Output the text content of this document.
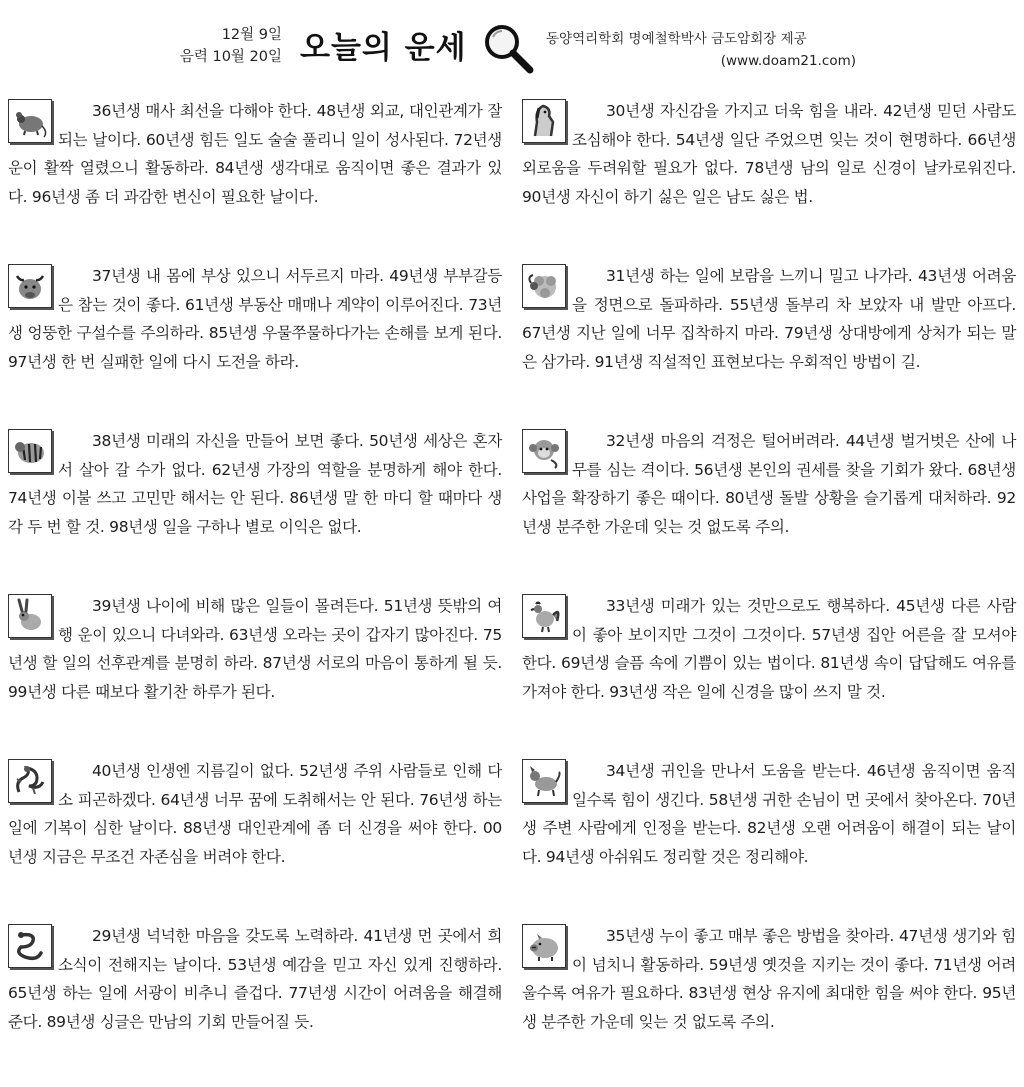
12월 9일
음력 10월 20일 오늘의 운세	동양역리학회 명예철학박사 금도암회장 제공
(www.doam21.com)

36년생 매사 최선을 다해야 한다. 48년생 외교, 대인관계가 잘되는 날이다. 60년생 힘든 일도 술술 풀리니 일이 성사된다. 72년생 운이 활짝 열렸으니 활동하라. 84년생 생각대로 움직이면 좋은 결과가 있다. 96년생 좀 더 과감한 변신이 필요한 날이다.

37년생 내 몸에 부상 있으니 서두르지 마라. 49년생 부부갈등은 참는 것이 좋다. 61년생 부동산 매매나 계약이 이루어진다. 73년생 엉뚱한 구설수를 주의하라. 85년생 우물쭈물하다가는 손해를 보게 된다. 97년생 한 번 실패한 일에 다시 도전을 하라.

38년생 미래의 자신을 만들어 보면 좋다. 50년생 세상은 혼자서 살아 갈 수가 없다. 62년생 가장의 역할을 분명하게 해야 한다. 74년생 이불 쓰고 고민만 해서는 안 된다. 86년생 말 한 마디 할 때마다 생각 두 번 할 것. 98년생 일을 구하나 별로 이익은 없다.

39년생 나이에 비해 많은 일들이 몰려든다. 51년생 뜻밖의 여행 운이 있으니 다녀와라. 63년생 오라는 곳이 갑자기 많아진다. 75년생 할 일의 선후관계를 분명히 하라. 87년생 서로의 마음이 통하게 될 듯. 99년생 다른 때보다 활기찬 하루가 된다.

40년생 인생엔 지름길이 없다. 52년생 주위 사람들로 인해 다소 피곤하겠다. 64년생 너무 꿈에 도취해서는 안 된다. 76년생 하는 일에 기복이 심한 날이다. 88년생 대인관계에 좀 더 신경을 써야 한다. 00년생 지금은 무조건 자존심을 버려야 한다.

29년생 넉넉한 마음을 갖도록 노력하라. 41년생 먼 곳에서 희소식이 전해지는 날이다. 53년생 예감을 믿고 자신 있게 진행하라. 65년생 하는 일에 서광이 비추니 즐겁다. 77년생 시간이 어려움을 해결해 준다. 89년생 싱글은 만남의 기회 만들어질 듯.

30년생 자신감을 가지고 더욱 힘을 내라. 42년생 믿던 사람도 조심해야 한다. 54년생 일단 주었으면 잊는 것이 현명하다. 66년생 외로움을 두려워할 필요가 없다. 78년생 남의 일로 신경이 날카로워진다. 90년생 자신이 하기 싫은 일은 남도 싫은 법.

31년생 하는 일에 보람을 느끼니 밀고 나가라. 43년생 어려움을 정면으로 돌파하라. 55년생 돌부리 차 보았자 내 발만 아프다. 67년생 지난 일에 너무 집착하지 마라. 79년생 상대방에게 상처가 되는 말은 삼가라. 91년생 직설적인 표현보다는 우회적인 방법이 길.

32년생 마음의 걱정은 털어버려라. 44년생 벌거벗은 산에 나무를 심는 격이다. 56년생 본인의 권세를 찾을 기회가 왔다. 68년생 사업을 확장하기 좋은 때이다. 80년생 돌발 상황을 슬기롭게 대처하라. 92년생 분주한 가운데 잊는 것 없도록 주의.

33년생 미래가 있는 것만으로도 행복하다. 45년생 다른 사람이 좋아 보이지만 그것이 그것이다. 57년생 집안 어른을 잘 모셔야 한다. 69년생 슬픔 속에 기쁨이 있는 법이다. 81년생 속이 답답해도 여유를 가져야 한다. 93년생 작은 일에 신경을 많이 쓰지 말 것.

34년생 귀인을 만나서 도움을 받는다. 46년생 움직이면 움직일수록 힘이 생긴다. 58년생 귀한 손님이 먼 곳에서 찾아온다. 70년생 주변 사람에게 인정을 받는다. 82년생 오랜 어려움이 해결이 되는 날이다. 94년생 아쉬워도 정리할 것은 정리해야.

35년생 누이 좋고 매부 좋은 방법을 찾아라. 47년생 생기와 힘이 넘치니 활동하라. 59년생 옛것을 지키는 것이 좋다. 71년생 어려울수록 여유가 필요하다. 83년생 현상 유지에 최대한 힘을 써야 한다. 95년생 분주한 가운데 잊는 것 없도록 주의.
